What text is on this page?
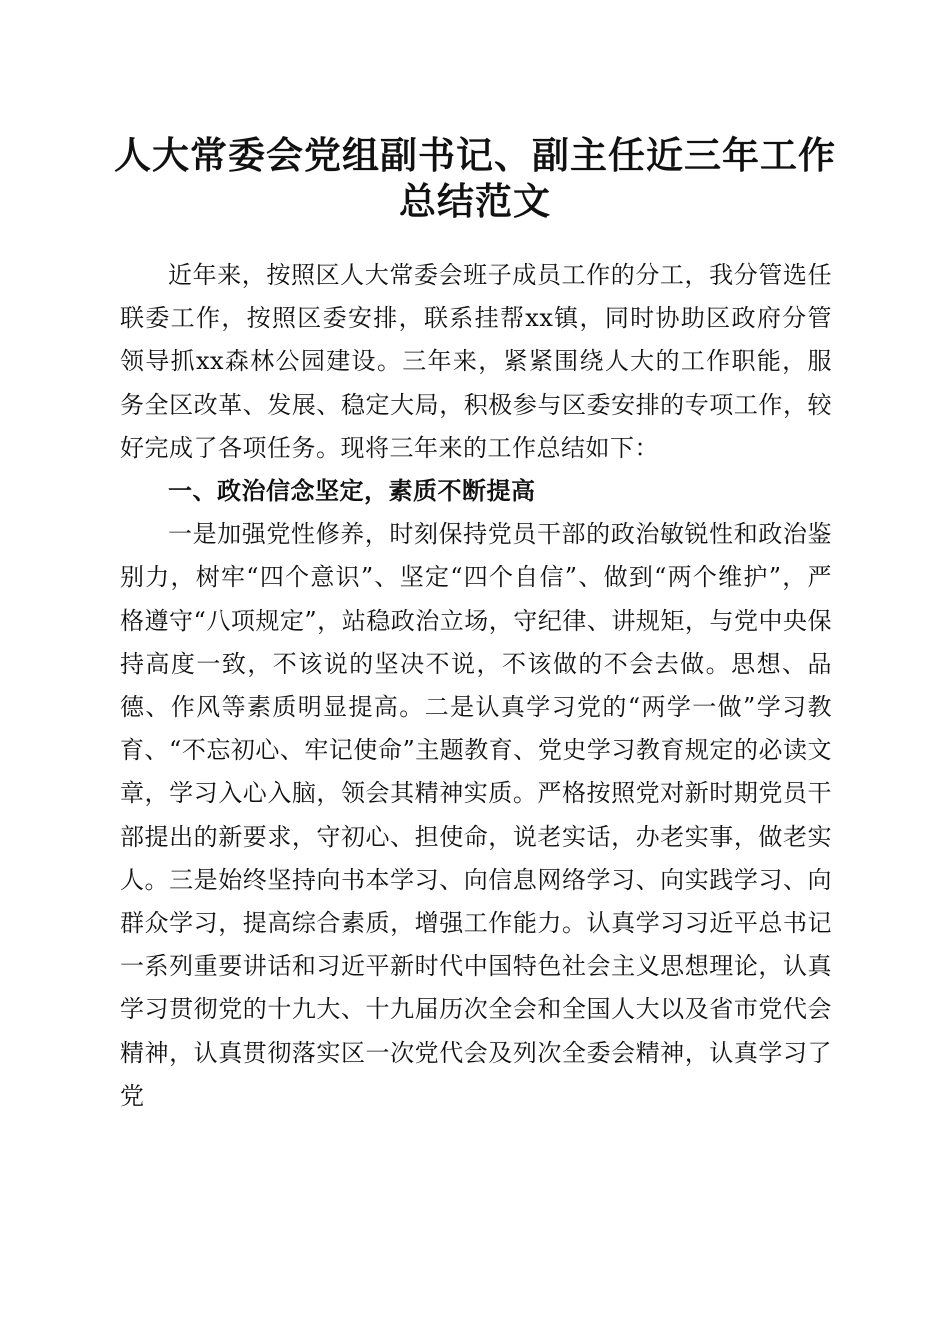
人大常委会党组副书记、副主任近三年工作总结范文

近年来，按照区人大常委会班子成员工作的分工，我分管选任联委工作，按照区委安排，联系挂帮xx镇，同时协助区政府分管领导抓xx森林公园建设。三年来，紧紧围绕人大的工作职能，服务全区改革、发展、稳定大局，积极参与区委安排的专项工作，较好完成了各项任务。现将三年来的工作总结如下：

一、政治信念坚定，素质不断提高

一是加强党性修养，时刻保持党员干部的政治敏锐性和政治鉴别力，树牢“四个意识”、坚定“四个自信”、做到“两个维护”，严格遵守“八项规定”，站稳政治立场，守纪律、讲规矩，与党中央保持高度一致，不该说的坚决不说，不该做的不会去做。思想、品德、作风等素质明显提高。二是认真学习党的“两学一做”学习教育、“不忘初心、牢记使命”主题教育、党史学习教育规定的必读文章，学习入心入脑，领会其精神实质。严格按照党对新时期党员干部提出的新要求，守初心、担使命，说老实话，办老实事，做老实人。三是始终坚持向书本学习、向信息网络学习、向实践学习、向群众学习，提高综合素质，增强工作能力。认真学习习近平总书记一系列重要讲话和习近平新时代中国特色社会主义思想理论，认真学习贯彻党的十九大、十九届历次全会和全国人大以及省市党代会精神，认真贯彻落实区一次党代会及列次全委会精神，认真学习了党
